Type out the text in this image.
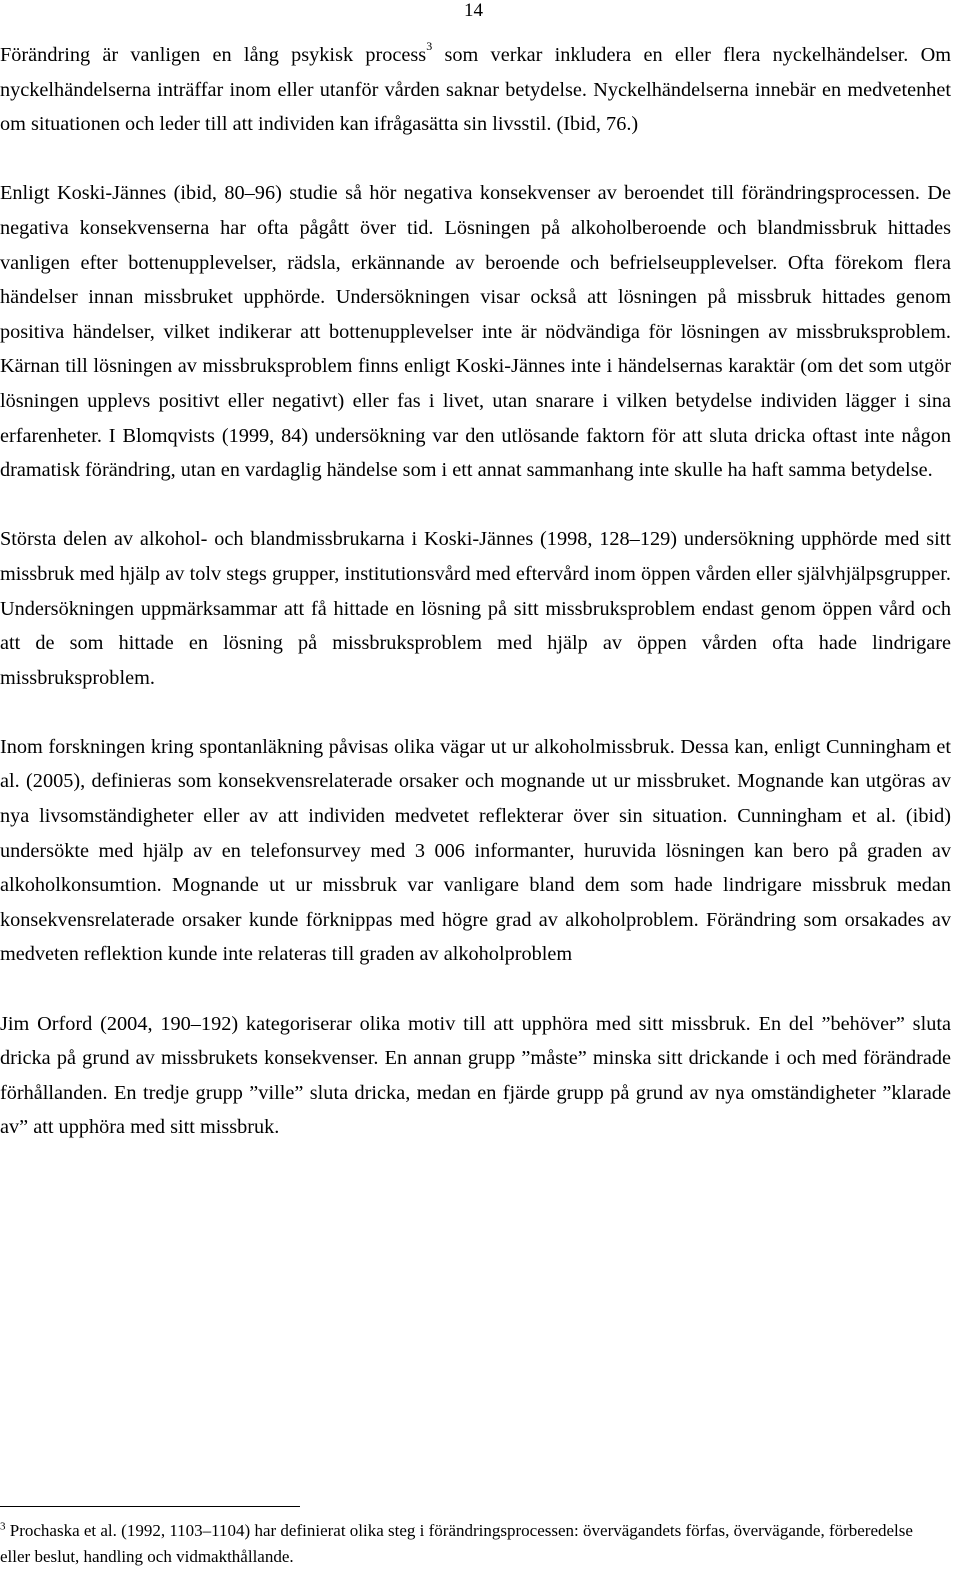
14

Förändring är vanligen en lång psykisk process$^3$ som verkar inkludera en eller flera nyckelhändelser. Om nyckelhändelserna inträffar inom eller utanför vården saknar betydelse. Nyckelhändelserna innebär en medvetenhet om situationen och leder till att individen kan ifrågasätta sin livsstil. (Ibid, 76.)

Enligt Koski-Jännes (ibid, 80–96) studie så hör negativa konsekvenser av beroendet till förändringsprocessen. De negativa konsekvenserna har ofta pågått över tid. Lösningen på alkoholberoende och blandmissbruk hittades vanligen efter bottenupplevelser, rädsla, erkännande av beroende och befrielseupplevelser. Ofta förekom flera händelser innan missbruket upphörde. Undersökningen visar också att lösningen på missbruk hittades genom positiva händelser, vilket indikerar att bottenupplevelser inte är nödvändiga för lösningen av missbruksproblem. Kärnan till lösningen av missbruksproblem finns enligt Koski-Jännes inte i händelsernas karaktär (om det som utgör lösningen upplevs positivt eller negativt) eller fas i livet, utan snarare i vilken betydelse individen lägger i sina erfarenheter. I Blomqvists (1999, 84) undersökning var den utlösande faktorn för att sluta dricka oftast inte någon dramatisk förändring, utan en vardaglig händelse som i ett annat sammanhang inte skulle ha haft samma betydelse.

Största delen av alkohol- och blandmissbrukarna i Koski-Jännes (1998, 128–129) undersökning upphörde med sitt missbruk med hjälp av tolv stegs grupper, institutionsvård med eftervård inom öppen vården eller självhjälpsgrupper. Undersökningen uppmärksammar att få hittade en lösning på sitt missbruksproblem endast genom öppen vård och att de som hittade en lösning på missbruksproblem med hjälp av öppen vården ofta hade lindrigare missbruksproblem.

Inom forskningen kring spontanläkning påvisas olika vägar ut ur alkoholmissbruk. Dessa kan, enligt Cunningham et al. (2005), definieras som konsekvensrelaterade orsaker och mognande ut ur missbruket. Mognande kan utgöras av nya livsomständigheter eller av att individen medvetet reflekterar över sin situation. Cunningham et al. (ibid) undersökte med hjälp av en telefonsurvey med 3 006 informanter, huruvida lösningen kan bero på graden av alkoholkonsumtion. Mognande ut ur missbruk var vanligare bland dem som hade lindrigare missbruk medan konsekvensrelaterade orsaker kunde förknippas med högre grad av alkoholproblem. Förändring som orsakades av medveten reflektion kunde inte relateras till graden av alkoholproblem

Jim Orford (2004, 190–192) kategoriserar olika motiv till att upphöra med sitt missbruk. En del ”behöver” sluta dricka på grund av missbrukets konsekvenser. En annan grupp ”måste” minska sitt drickande i och med förändrade förhållanden. En tredje grupp ”ville” sluta dricka, medan en fjärde grupp på grund av nya omständigheter ”klarade av” att upphöra med sitt missbruk.

$^3$ Prochaska et al. (1992, 1103–1104) har definierat olika steg i förändringsprocessen: övervägandets förfas, övervägande, förberedelse eller beslut, handling och vidmakthållande.
